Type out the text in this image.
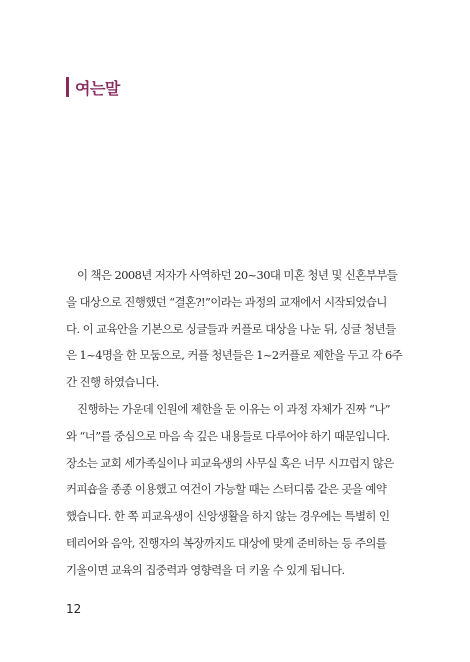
여는말
이 책은 2008년 저자가 사역하던 20~30대 미혼 청년 및 신혼부부들
을 대상으로 진행했던 “결혼?!”이라는 과정의 교재에서 시작되었습니
다. 이 교육안을 기본으로 싱글들과 커플로 대상을 나눈 뒤, 싱글 청년들
은 1~4명을 한 모둠으로, 커플 청년들은 1~2커플로 제한을 두고 각 6주
간 진행 하였습니다.
진행하는 가운데 인원에 제한을 둔 이유는 이 과정 자체가 진짜 “나”
와 “너”를 중심으로 마음 속 깊은 내용들로 다루어야 하기 때문입니다.
장소는 교회 세가족실이나 피교육생의 사무실 혹은 너무 시끄럽지 않은
커피숍을 종종 이용했고 여건이 가능할 때는 스터디룸 같은 곳을 예약
했습니다. 한 쪽 피교육생이 신앙생활을 하지 않는 경우에는 특별히 인
테리어와 음악, 진행자의 복장까지도 대상에 맞게 준비하는 등 주의를
기울이면 교육의 집중력과 영향력을 더 키울 수 있게 됩니다.
12
